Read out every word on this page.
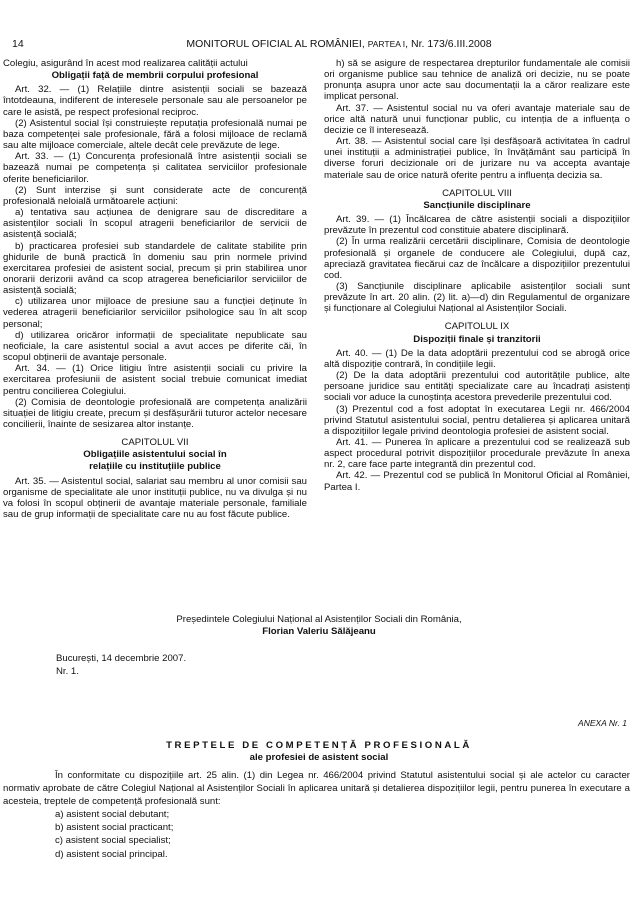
14	MONITORUL OFICIAL AL ROMÂNIEI, PARTEA I, Nr. 173/6.III.2008

Colegiu, asigurând în acest mod realizarea calității actului

Obligații față de membrii corpului profesional

Art. 32. — (1) Relațiile dintre asistenții sociali se bazează întotdeauna, indiferent de interesele personale sau ale persoanelor pe care le asistă, pe respect profesional reciproc.

(2) Asistentul social își construiește reputația profesională numai pe baza competenței sale profesionale, fără a folosi mijloace de reclamă sau alte mijloace comerciale, altele decât cele prevăzute de lege.

Art. 33. — (1) Concurența profesională între asistenții sociali se bazează numai pe competența și calitatea serviciilor profesionale oferite beneficiarilor.

(2) Sunt interzise și sunt considerate acte de concurență profesională neloială următoarele acțiuni:

a) tentativa sau acțiunea de denigrare sau de discreditare a asistenților sociali în scopul atragerii beneficiarilor de servicii de asistență socială;

b) practicarea profesiei sub standardele de calitate stabilite prin ghidurile de bună practică în domeniu sau prin normele privind exercitarea profesiei de asistent social, precum și prin stabilirea unor onorarii derizorii având ca scop atragerea beneficiarilor serviciilor de asistență socială;

c) utilizarea unor mijloace de presiune sau a funcției deținute în vederea atragerii beneficiarilor serviciilor psihologice sau în alt scop personal;

d) utilizarea oricăror informații de specialitate nepublicate sau neoficiale, la care asistentul social a avut acces pe diferite căi, în scopul obținerii de avantaje personale.

Art. 34. — (1) Orice litigiu între asistenții sociali cu privire la exercitarea profesiunii de asistent social trebuie comunicat imediat pentru concilierea Colegiului.

(2) Comisia de deontologie profesională are competența analizării situației de litigiu create, precum și desfășurării tuturor actelor necesare concilierii, înainte de sesizarea altor instanțe.

CAPITOLUL VII
Obligațiile asistentului social în
relațiile cu instituțiile publice

Art. 35. — Asistentul social, salariat sau membru al unor comisii sau organisme de specialitate ale unor instituții publice, nu va divulga și nu va folosi în scopul obținerii de avantaje materiale personale, familiale sau de grup informații de specialitate care nu au fost făcute publice.

h) să se asigure de respectarea drepturilor fundamentale ale comisii ori organisme publice sau tehnice de analiză ori decizie, nu se poate pronunța asupra unor acte sau documentații la a căror realizare este implicat personal.

Art. 37. — Asistentul social nu va oferi avantaje materiale sau de orice altă natură unui funcționar public, cu intenția de a influența o decizie ce îl interesează.

Art. 38. — Asistentul social care își desfășoară activitatea în cadrul unei instituții a administrației publice, în învățământ sau participă în diverse foruri decizionale ori de jurizare nu va accepta avantaje materiale sau de orice natură oferite pentru a influența decizia sa.

CAPITOLUL VIII
Sancțiunile disciplinare

Art. 39. — (1) Încălcarea de către asistenții sociali a dispozițiilor prevăzute în prezentul cod constituie abatere disciplinară.

(2) În urma realizării cercetării disciplinare, Comisia de deontologie profesională și organele de conducere ale Colegiului, după caz, apreciază gravitatea fiecărui caz de încălcare a dispozițiilor prezentului cod.

(3) Sancțiunile disciplinare aplicabile asistenților sociali sunt prevăzute în art. 20 alin. (2) lit. a)—d) din Regulamentul de organizare și funcționare al Colegiului Național al Asistenților Sociali.

CAPITOLUL IX
Dispoziții finale și tranzitorii

Art. 40. — (1) De la data adoptării prezentului cod se abrogă orice altă dispoziție contrară, în condițiile legii.

(2) De la data adoptării prezentului cod autoritățile publice, alte persoane juridice sau entități specializate care au încadrați asistenți sociali vor aduce la cunoștința acestora prevederile prezentului cod.

(3) Prezentul cod a fost adoptat în executarea Legii nr. 466/2004 privind Statutul asistentului social, pentru detalierea și aplicarea unitară a dispozițiilor legale privind deontologia profesiei de asistent social.

Art. 41. — Punerea în aplicare a prezentului cod se realizează sub aspect procedural potrivit dispozițiilor procedurale prevăzute în anexa nr. 2, care face parte integrantă din prezentul cod.

Art. 42. — Prezentul cod se publică în Monitorul Oficial al României, Partea I.

Președintele Colegiului Național al Asistenților Sociali din România,
Florian Valeriu Sălăjeanu
București, 14 decembrie 2007.
Nr. 1.
ANEXA Nr. 1
TREPTELE DE COMPETENȚĂ PROFESIONALĂ
ale profesiei de asistent social

În conformitate cu dispozițiile art. 25 alin. (1) din Legea nr. 466/2004 privind Statutul asistentului social și ale actelor cu caracter normativ aprobate de către Colegiul Național al Asistenților Sociali în aplicarea unitară și detalierea dispozițiilor legii, pentru punerea în executare a acesteia, treptele de competență profesională sunt:

a) asistent social debutant;
b) asistent social practicant;
c) asistent social specialist;
d) asistent social principal.
